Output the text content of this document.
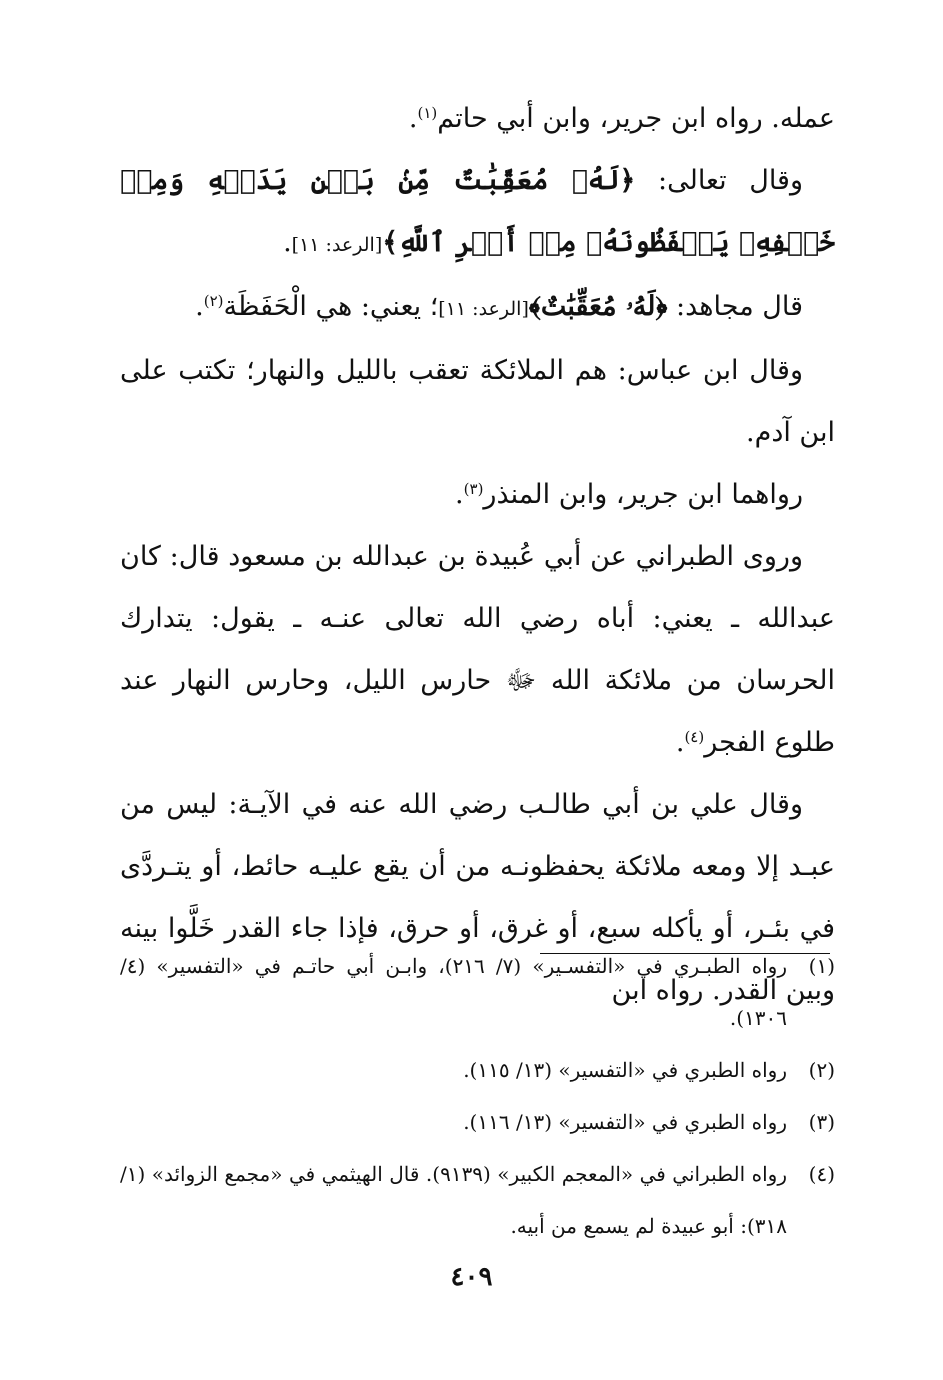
عمله. رواه ابن جرير، وابن أبي حاتم$^{(١)}$.

وقال تعالى: ﴿لَهُۥ مُعَقِّبَٰتٌ مِّنۢ بَيۡنِ يَدَيۡهِ وَمِنۡ خَلۡفِهِۦ يَحۡفَظُونَهُۥ مِنۡ أَمۡرِ ٱللَّهِ﴾[الرعد: ١١].

قال مجاهد: ﴿لَهُۥ مُعَقِّبَٰتٌ﴾[الرعد: ١١]؛ يعني: هي الْحَفَظَة$^{(٢)}$.

وقال ابن عباس: هم الملائكة تعقب بالليل والنهار؛ تكتب على ابن آدم.

رواهما ابن جرير، وابن المنذر$^{(٣)}$.

وروى الطبراني عن أبي عُبيدة بن عبدالله بن مسعود قال: كان عبدالله ـ يعني: أباه رضي الله تعالى عنـه ـ يقول: يتدارك الحرسان من ملائكة الله ﷻ حارس الليل، وحارس النهار عند طلوع الفجر$^{(٤)}$.

وقال علي بن أبي طالـب رضي الله عنه في الآيـة: ليس من عبـد إلا ومعه ملائكة يحفظونـه من أن يقع عليـه حائط، أو يتـردَّى في بئـر، أو يأكله سبع، أو غرق، أو حرق، فإذا جاء القدر خَلَّوا بينه وبين القدر. رواه ابن

(١)
رواه الطبـري في «التفسـير» (٧/ ٢١٦)، وابـن أبي حاتـم في «التفسير» (٤/ ١٣٠٦).
(٢)
رواه الطبري في «التفسير» (١٣/ ١١٥).
(٣)
رواه الطبري في «التفسير» (١٣/ ١١٦).
(٤)
رواه الطبراني في «المعجم الكبير» (٩١٣٩). قال الهيثمي في «مجمع الزوائد» (١/ ٣١٨): أبو عبيدة لم يسمع من أبيه.
٤٠٩
